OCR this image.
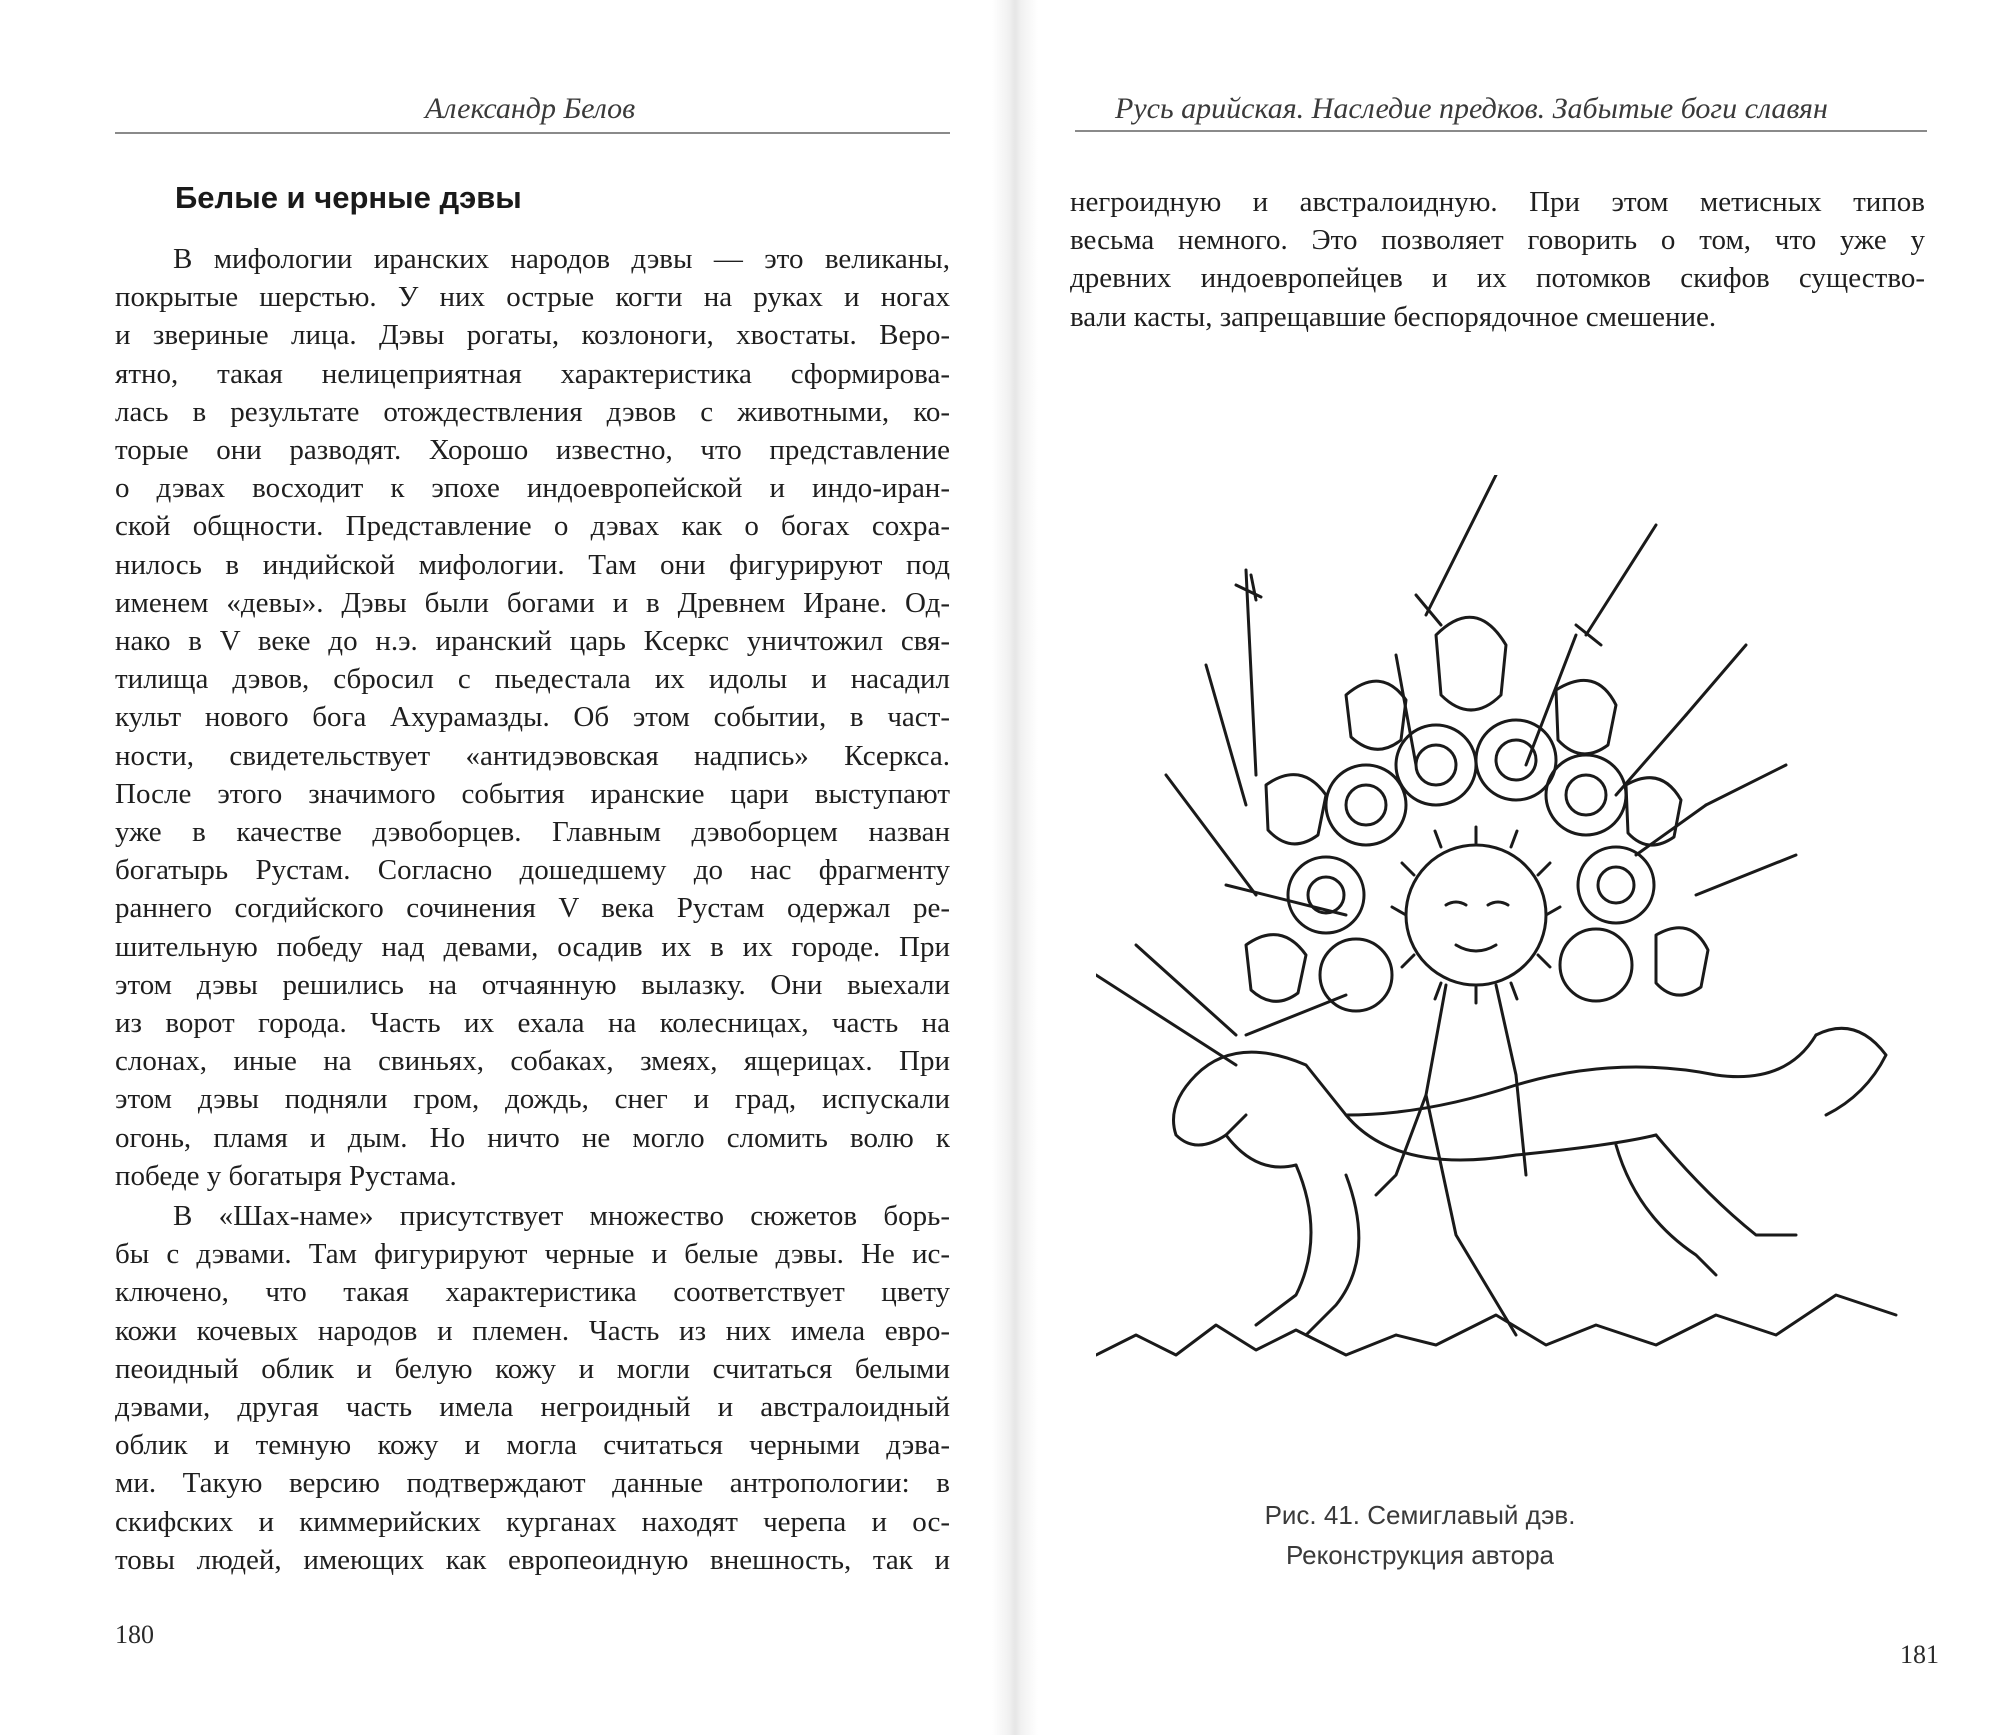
Александр Белов
Белые и черные дэвы
В мифологии иранских народов дэвы — это великаны,
покрытые шерстью. У них острые когти на руках и ногах
и звериные лица. Дэвы рогаты, козлоноги, хвостаты. Веро-
ятно, такая нелицеприятная характеристика сформирова-
лась в результате отождествления дэвов с животными, ко-
торые они разводят. Хорошо известно, что представление
о дэвах восходит к эпохе индоевропейской и индо-иран-
ской общности. Представление о дэвах как о богах сохра-
нилось в индийской мифологии. Там они фигурируют под
именем «девы». Дэвы были богами и в Древнем Иране. Од-
нако в V веке до н.э. иранский царь Ксеркс уничтожил свя-
тилища дэвов, сбросил с пьедестала их идолы и насадил
культ нового бога Ахурамазды. Об этом событии, в част-
ности, свидетельствует «антидэвовская надпись» Ксеркса.
После этого значимого события иранские цари выступают
уже в качестве дэвоборцев. Главным дэвоборцем назван
богатырь Рустам. Согласно дошедшему до нас фрагменту
раннего согдийского сочинения V века Рустам одержал ре-
шительную победу над девами, осадив их в их городе. При
этом дэвы решились на отчаянную вылазку. Они выехали
из ворот города. Часть их ехала на колесницах, часть на
слонах, иные на свиньях, собаках, змеях, ящерицах. При
этом дэвы подняли гром, дождь, снег и град, испускали
огонь, пламя и дым. Но ничто не могло сломить волю к
победе у богатыря Рустама.
В «Шах-наме» присутствует множество сюжетов борь-
бы с дэвами. Там фигурируют черные и белые дэвы. Не ис-
ключено, что такая характеристика соответствует цвету
кожи кочевых народов и племен. Часть из них имела евро-
пеоидный облик и белую кожу и могли считаться белыми
дэвами, другая часть имела негроидный и австралоидный
облик и темную кожу и могла считаться черными дэва-
ми. Такую версию подтверждают данные антропологии: в
скифских и киммерийских курганах находят черепа и ос-
товы людей, имеющих как европеоидную внешность, так и
180
Русь арийская. Наследие предков. Забытые боги славян
негроидную и австралоидную. При этом метисных типов
весьма немного. Это позволяет говорить о том, что уже у
древних индоевропейцев и их потомков скифов существо-
вали касты, запрещавшие беспорядочное смешение.
Рис. 41. Семиглавый дэв.
Реконструкция автора
181
